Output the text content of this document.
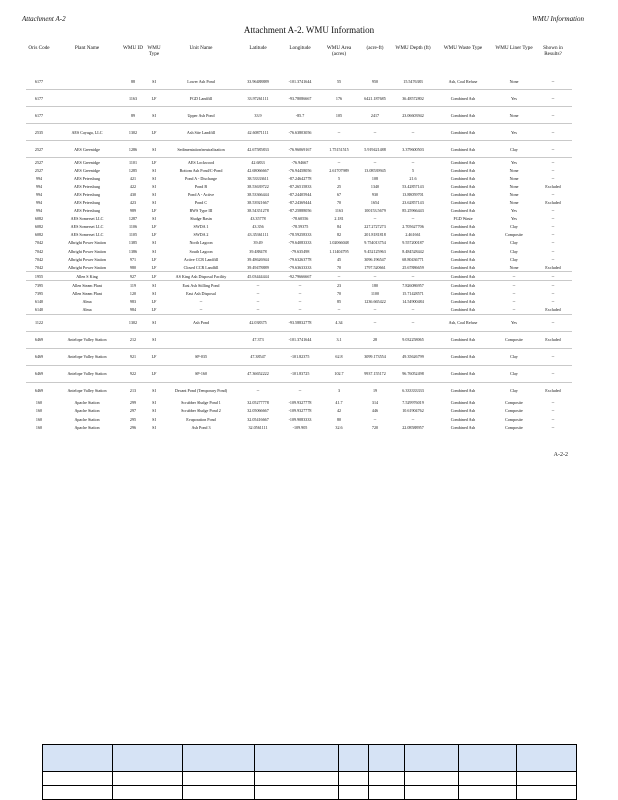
Attachment A-2	WMU Information
Attachment A-2. WMU Information
Oris Code	Plant Name	WMU ID	WMU Type	Unit Name	Latitude	Longitude	WMU Area (acres)	(acre-ft)	WMU Depth (ft)	WMU Waste Type	WMU Liner Type	Shown in Results?
6177		88	SI	Lower Ash Pond	33.96488889	-101.3741644	55	950	15.5476383	Ash, Coal Refuse	None	--
6177		1163	LF	FGD Landfill	33.97261111	-93.78086667	176	6421.187685	36.48572802	Combined Ash	Yes	--
6177		89	SI	Upper Ash Pond	33.9	-85.7	105	2417	23.06603942	Combined Ash	None	--
2535	AES Cayuga, LLC	1302	LF	Ash Site Landfill	42.60871111	-76.63803056	--	--	--	Combined Ash	Yes	--
2527	AES Greenidge	1286	SI	Sedimentation/neutralization	42.67585833	-76.96069167	1.75151515	5.919421488	3.379600503	Combined Ash	Clay	--
2527	AES Greenidge	1101	LF	AES Lockwood	42.6833	-76.94667	--	--	--	Combined Ash	Yes	--
2527	AES Greenidge	1285	SI	Bottom Ash Pond/C-Pond	42.68066667	-76.94458056	2.61707989	13.08539945	5	Combined Ash	None	--
994	AES Petersburg	421	SI	Pond A - Discharge	38.53333611	-87.24642778	5	108	21.6	Combined Ash	None	--
994	AES Petersburg	422	SI	Pond B	38.53639722	-87.26515833	25	1340	53.42857143	Combined Ash	None	Excluded
994	AES Petersburg	430	SI	Pond A - Active	38.53366444	-87.24405944	67	930	13.88059701	Combined Ash	None	--
994	AES Petersburg	423	SI	Pond C	38.53921667	-87.24369444	70	1654	23.62857143	Combined Ash	None	Excluded
994	AES Petersburg	989	LF	RWS Type III	38.54351278	-87.25888056	1163	100153.5679	85.25966443	Combined Ash	Yes	--
6082	AES Somerset LLC	1287	SI	Sludge Basin	43.35778	-78.60556	2.181	--	--	FGD Waste	Yes	--
6082	AES Somerset LLC	1106	LF	SWDA 1	43.356	-78.59375	84	227.2727273	2.705627706	Combined Ash	Clay	--
6082	AES Somerset LLC	1105	LF	SWDA 2	43.35361111	-78.59258333	82	201.8181818	2.461661	Combined Ash	Composite	--
7042	Albright Power Station	1385	SI	North Lagoon	39.49	-79.64083333	1.02066048	9.754013754	9.557200187	Combined Ash	Clay	--
7042	Albright Power Station	1386	SI	South Lagoon	39.488478	-79.635498	1.11404795	9.452125963	8.484528442	Combined Ash	Clay	--
7042	Albright Power Station	971	LF	Active CCR Landfill	39.48626944	-79.63263778	45	3096.196547	68.80436771	Combined Ash	Clay	--
7042	Albright Power Station	980	LF	Closed CCR Landfill	39.49478889	-79.63633333	70	1797.520661	25.67886659	Combined Ash	None	Excluded
1955	Allen S King	927	LF	AS King Ash Disposal Facility	45.03444444	-92.79666667	--	--	--	Combined Ash	--	--
7395	Allen Steam Plant	119	SI	East Ash Stilling Pond	--	--	23	180	7.826086957	Combined Ash	--	--
7395	Allen Steam Plant	120	SI	East Ash Disposal	--	--	70	1100	15.71428571	Combined Ash	--	--
6140	Alma	983	LF	--	--	--	85	1236.665422	14.54900484	Combined Ash	--	--
6140	Alma	984	LF	--	--	--	--	--	--	Combined Ash	--	Excluded
1122		1302	SI	Ash Pond	42.038375	-93.58832778	4.34	--	--	Ash, Coal Refuse	Yes	--
6469	Antelope Valley Station	212	SI		47.373	-101.3741644	3.1	28	9.032258065	Combined Ash	Composite	Excluded
6469	Antelope Valley Station	921	LF	SP-035	47.38547	-101.82375	62.8	3099.173554	49.35626799	Combined Ash	Clay	--
6469	Antelope Valley Station	922	LF	SP-160	47.36652222	-101.83725	102.7	9937.155172	96.76052498	Combined Ash	Clay	--
6469	Antelope Valley Station	213	SI	Decant Pond (Temporary Pond)	--	--	3	19	6.333333333	Combined Ash	Clay	Excluded
160	Apache Station	299	SI	Scrubber Sludge Pond 1	32.05277778	-109.9327778	41.7	314	7.529976019	Combined Ash	Composite	--
160	Apache Station	297	SI	Scrubber Sludge Pond 2	32.05066667	-109.9327778	42	446	10.61904762	Combined Ash	Composite	--
160	Apache Station	295	SI	Evaporation Pond	32.05416667	-109.9083333	80	--	--	Combined Ash	Composite	--
160	Apache Station	296	SI	Ash Pond 3	32.0561111	-109.905	32.6	720	22.08588957	Combined Ash	Composite	--
A-2-2
